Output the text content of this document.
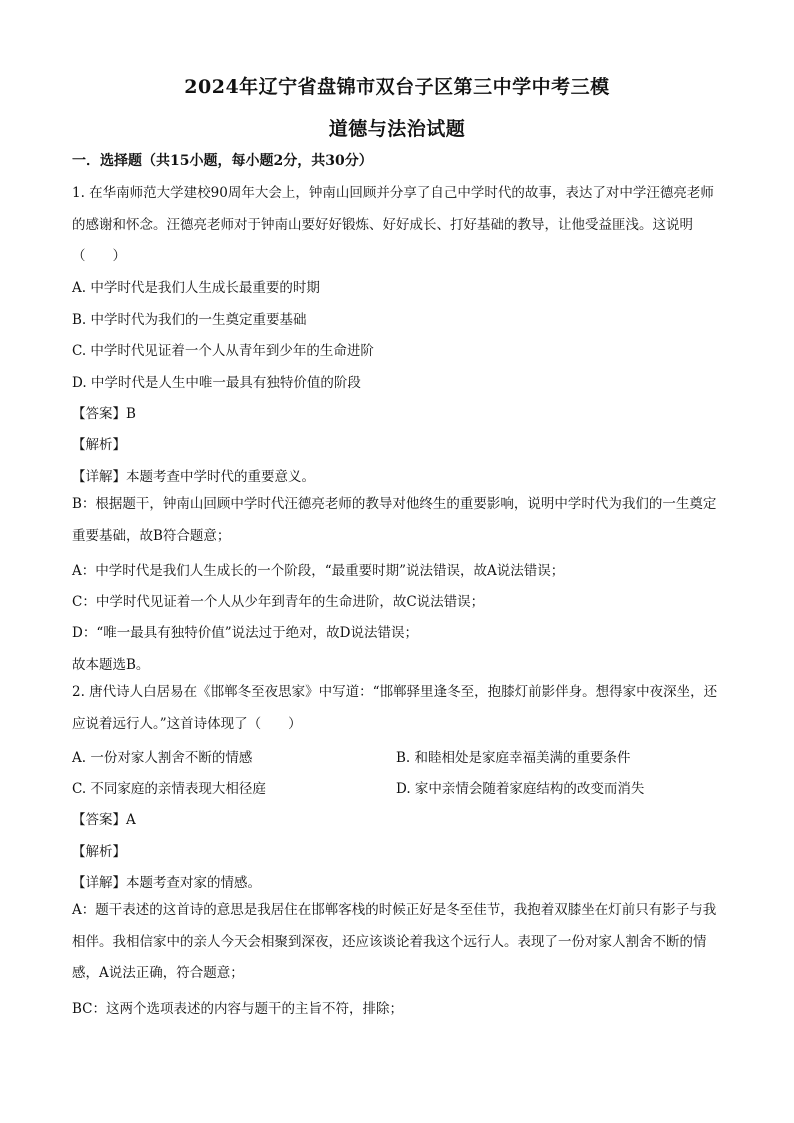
2024年辽宁省盘锦市双台子区第三中学中考三模
道德与法治试题
一．选择题（共15小题，每小题2分，共30分）

1. 在华南师范大学建校90周年大会上，钟南山回顾并分享了自己中学时代的故事，表达了对中学汪德亮老师的感谢和怀念。汪德亮老师对于钟南山要好好锻炼、好好成长、打好基础的教导，让他受益匪浅。这说明（　　）

A. 中学时代是我们人生成长最重要的时期
B. 中学时代为我们的一生奠定重要基础
C. 中学时代见证着一个人从青年到少年的生命进阶
D. 中学时代是人生中唯一最具有独特价值的阶段
【答案】B
【解析】
【详解】本题考查中学时代的重要意义。

B：根据题干，钟南山回顾中学时代汪德亮老师的教导对他终生的重要影响，说明中学时代为我们的一生奠定重要基础，故B符合题意；

A：中学时代是我们人生成长的一个阶段，“最重要时期”说法错误，故A说法错误；
C：中学时代见证着一个人从少年到青年的生命进阶，故C说法错误；
D：“唯一最具有独特价值”说法过于绝对，故D说法错误；
故本题选B。

2. 唐代诗人白居易在《邯郸冬至夜思家》中写道：“邯郸驿里逢冬至，抱膝灯前影伴身。想得家中夜深坐，还应说着远行人。”这首诗体现了（　　）

A. 一份对家人割舍不断的情感	B. 和睦相处是家庭幸福美满的重要条件
C. 不同家庭的亲情表现大相径庭	D. 家中亲情会随着家庭结构的改变而消失
【答案】A
【解析】
【详解】本题考查对家的情感。

A：题干表述的这首诗的意思是我居住在邯郸客栈的时候正好是冬至佳节，我抱着双膝坐在灯前只有影子与我相伴。我相信家中的亲人今天会相聚到深夜，还应该谈论着我这个远行人。表现了一份对家人割舍不断的情感，A说法正确，符合题意；

BC：这两个选项表述的内容与题干的主旨不符，排除；
